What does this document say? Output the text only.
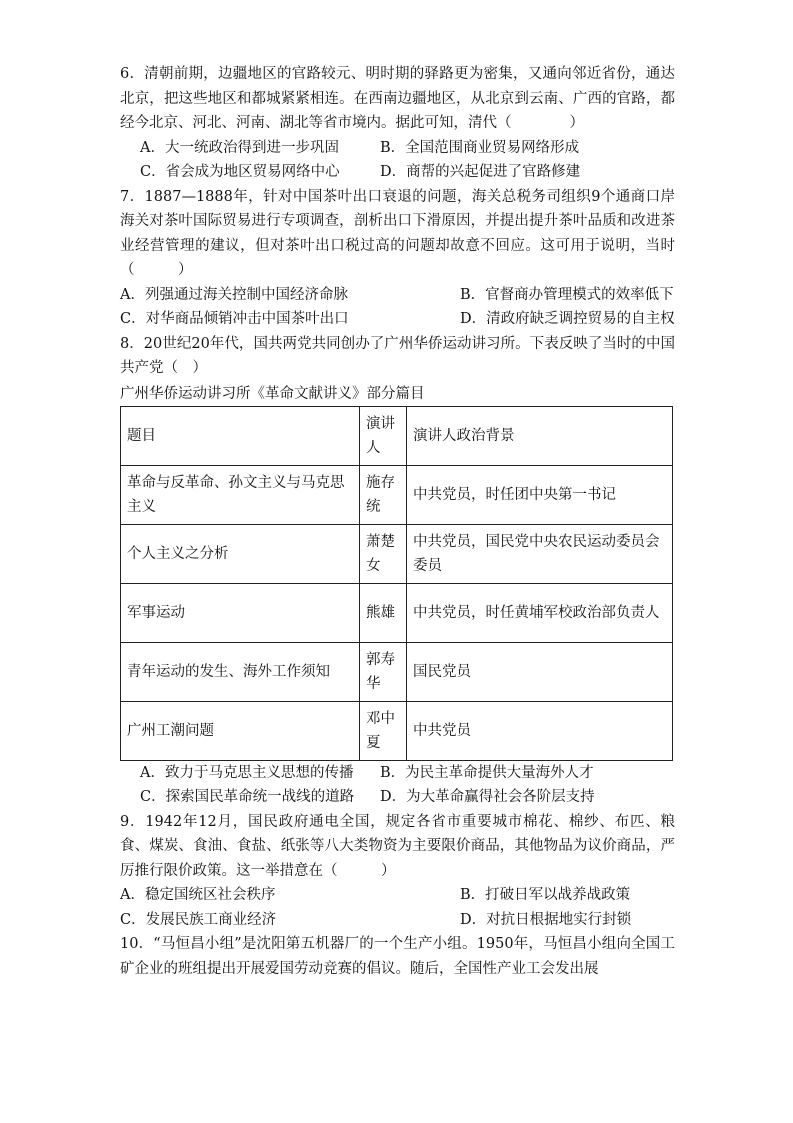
6．清朝前期，边疆地区的官路较元、明时期的驿路更为密集，又通向邻近省份，通达北京，把这些地区和都城紧紧相连。在西南边疆地区，从北京到云南、广西的官路，都经今北京、河北、河南、湖北等省市境内。据此可知，清代（　　　　）

A．大一统政治得到进一步巩固	B．全国范围商业贸易网络形成
C．省会成为地区贸易网络中心	D．商帮的兴起促进了官路修建

7．1887—1888年，针对中国茶叶出口衰退的问题，海关总税务司组织9个通商口岸海关对茶叶国际贸易进行专项调查，剖析出口下滑原因，并提出提升茶叶品质和改进茶业经营管理的建议，但对茶叶出口税过高的问题却故意不回应。这可用于说明，当时（　　　）

A．列强通过海关控制中国经济命脉	B．官督商办管理模式的效率低下
C．对华商品倾销冲击中国茶叶出口	D．清政府缺乏调控贸易的自主权

8．20世纪20年代，国共两党共同创办了广州华侨运动讲习所。下表反映了当时的中国共产党（　）

广州华侨运动讲习所《革命文献讲义》部分篇目
题目	演讲人	演讲人政治背景
革命与反革命、孙文主义与马克思主义	施存统	中共党员，时任团中央第一书记
个人主义之分析	萧楚女	中共党员，国民党中央农民运动委员会委员
军事运动	熊雄	中共党员，时任黄埔军校政治部负责人
青年运动的发生、海外工作须知	郭寿华	国民党员
广州工潮问题	邓中夏	中共党员
A．致力于马克思主义思想的传播	B．为民主革命提供大量海外人才
C．探索国民革命统一战线的道路	D．为大革命赢得社会各阶层支持

9．1942年12月，国民政府通电全国，规定各省市重要城市棉花、棉纱、布匹、粮食、煤炭、食油、食盐、纸张等八大类物资为主要限价商品，其他物品为议价商品，严厉推行限价政策。这一举措意在（　　　）

A．稳定国统区社会秩序	B．打破日军以战养战政策
C．发展民族工商业经济	D．对抗日根据地实行封锁

10．“马恒昌小组”是沈阳第五机器厂的一个生产小组。1950年，马恒昌小组向全国工矿企业的班组提出开展爱国劳动竞赛的倡议。随后，全国性产业工会发出展
